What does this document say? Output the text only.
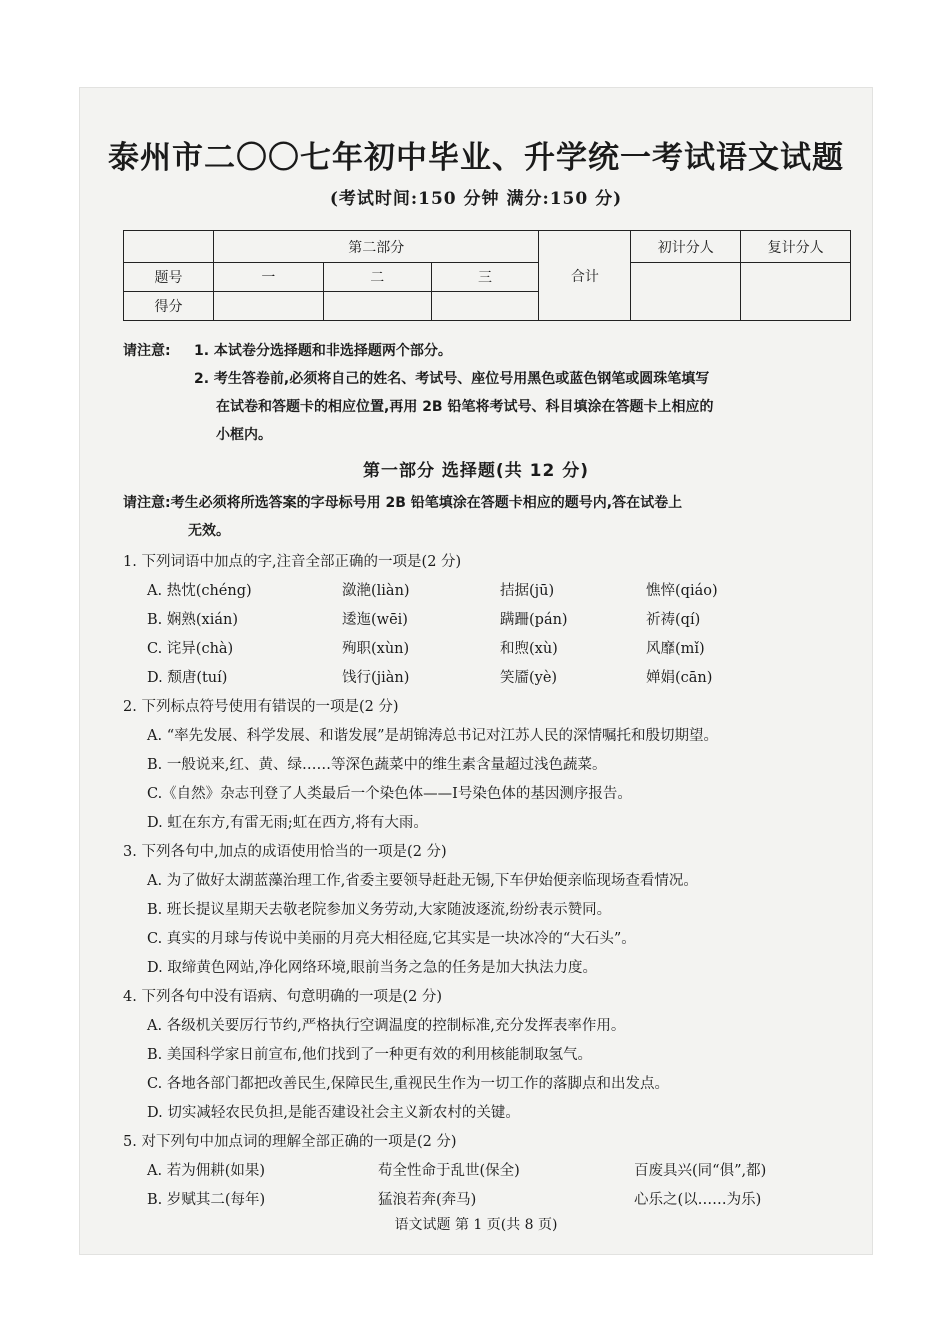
泰州市二〇〇七年初中毕业、升学统一考试语文试题
(考试时间:150 分钟 满分:150 分)
	第二部分			合计	初计分人	复计分人
题号	一	二	三			
得分						
请注意: 1. 本试卷分选择题和非选择题两个部分。
2. 考生答卷前,必须将自己的姓名、考试号、座位号用黑色或蓝色钢笔或圆珠笔填写
在试卷和答题卡的相应位置,再用 2B 铅笔将考试号、科目填涂在答题卡上相应的
小框内。
第一部分 选择题(共 12 分)
请注意:考生必须将所选答案的字母标号用 2B 铅笔填涂在答题卡相应的题号内,答在试卷上
无效。
1. 下列词语中加点的字,注音全部正确的一项是(2 分)
A. 热忱(chéng)	潋滟(liàn)	拮据(jū)	憔悴(qiáo)
B. 娴熟(xián)	逶迤(wēi)	蹒跚(pán)	祈祷(qí)
C. 诧异(chà)	殉职(xùn)	和煦(xù)	风靡(mǐ)
D. 颓唐(tuí)	饯行(jiàn)	笑靥(yè)	婵娟(cān)
2. 下列标点符号使用有错误的一项是(2 分)
A. “率先发展、科学发展、和谐发展”是胡锦涛总书记对江苏人民的深情嘱托和殷切期望。
B. 一般说来,红、黄、绿……等深色蔬菜中的维生素含量超过浅色蔬菜。
C.《自然》杂志刊登了人类最后一个染色体——Ⅰ号染色体的基因测序报告。
D. 虹在东方,有雷无雨;虹在西方,将有大雨。
3. 下列各句中,加点的成语使用恰当的一项是(2 分)
A. 为了做好太湖蓝藻治理工作,省委主要领导赶赴无锡,下车伊始便亲临现场查看情况。
B. 班长提议星期天去敬老院参加义务劳动,大家随波逐流,纷纷表示赞同。
C. 真实的月球与传说中美丽的月亮大相径庭,它其实是一块冰冷的“大石头”。
D. 取缔黄色网站,净化网络环境,眼前当务之急的任务是加大执法力度。
4. 下列各句中没有语病、句意明确的一项是(2 分)
A. 各级机关要厉行节约,严格执行空调温度的控制标准,充分发挥表率作用。
B. 美国科学家日前宣布,他们找到了一种更有效的利用核能制取氢气。
C. 各地各部门都把改善民生,保障民生,重视民生作为一切工作的落脚点和出发点。
D. 切实减轻农民负担,是能否建设社会主义新农村的关键。
5. 对下列句中加点词的理解全部正确的一项是(2 分)
A. 若为佣耕(如果)	苟全性命于乱世(保全)	百废具兴(同“俱”,都)
B. 岁赋其二(每年)	猛浪若奔(奔马)	心乐之(以……为乐)
语文试题 第 1 页(共 8 页)
